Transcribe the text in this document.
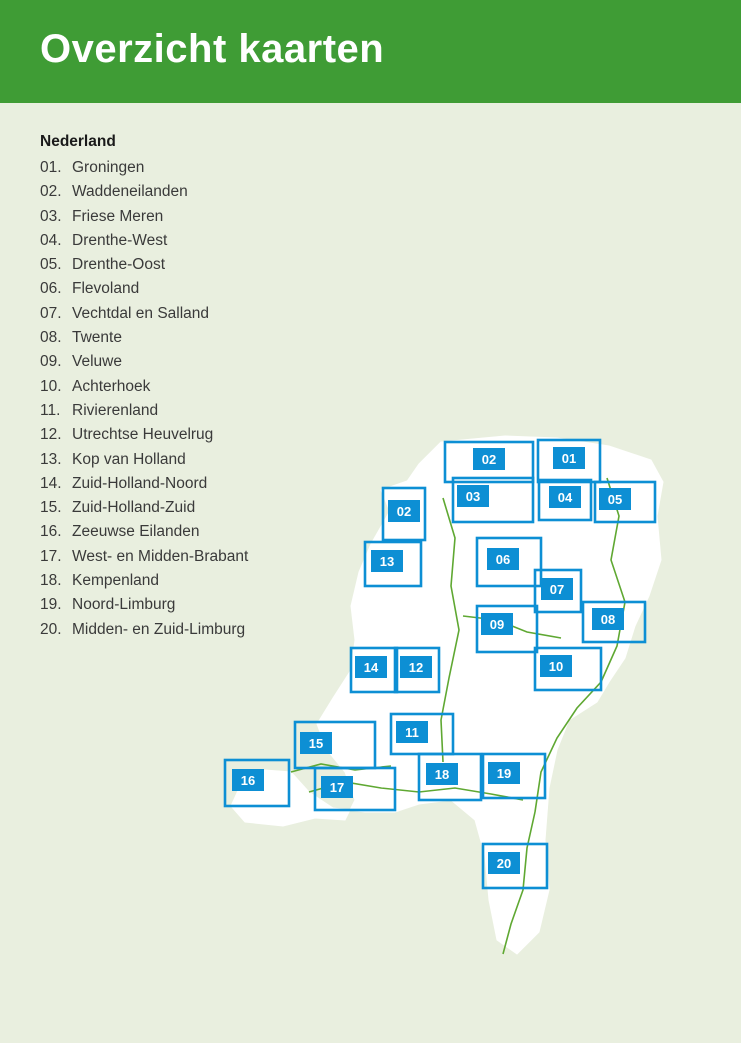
Overzicht kaarten
Nederland
01. Groningen
02. Waddeneilanden
03. Friese Meren
04. Drenthe-West
05. Drenthe-Oost
06. Flevoland
07. Vechtdal en Salland
08. Twente
09. Veluwe
10. Achterhoek
11. Rivierenland
12. Utrechtse Heuvelrug
13. Kop van Holland
14. Zuid-Holland-Noord
15. Zuid-Holland-Zuid
16. Zeeuwse Eilanden
17. West- en Midden-Brabant
18. Kempenland
19. Noord-Limburg
20. Midden- en Zuid-Limburg
01
02
02
03	04	05
13	06
07
08
09
10
14 12
11
15
16	17
18	19
20
